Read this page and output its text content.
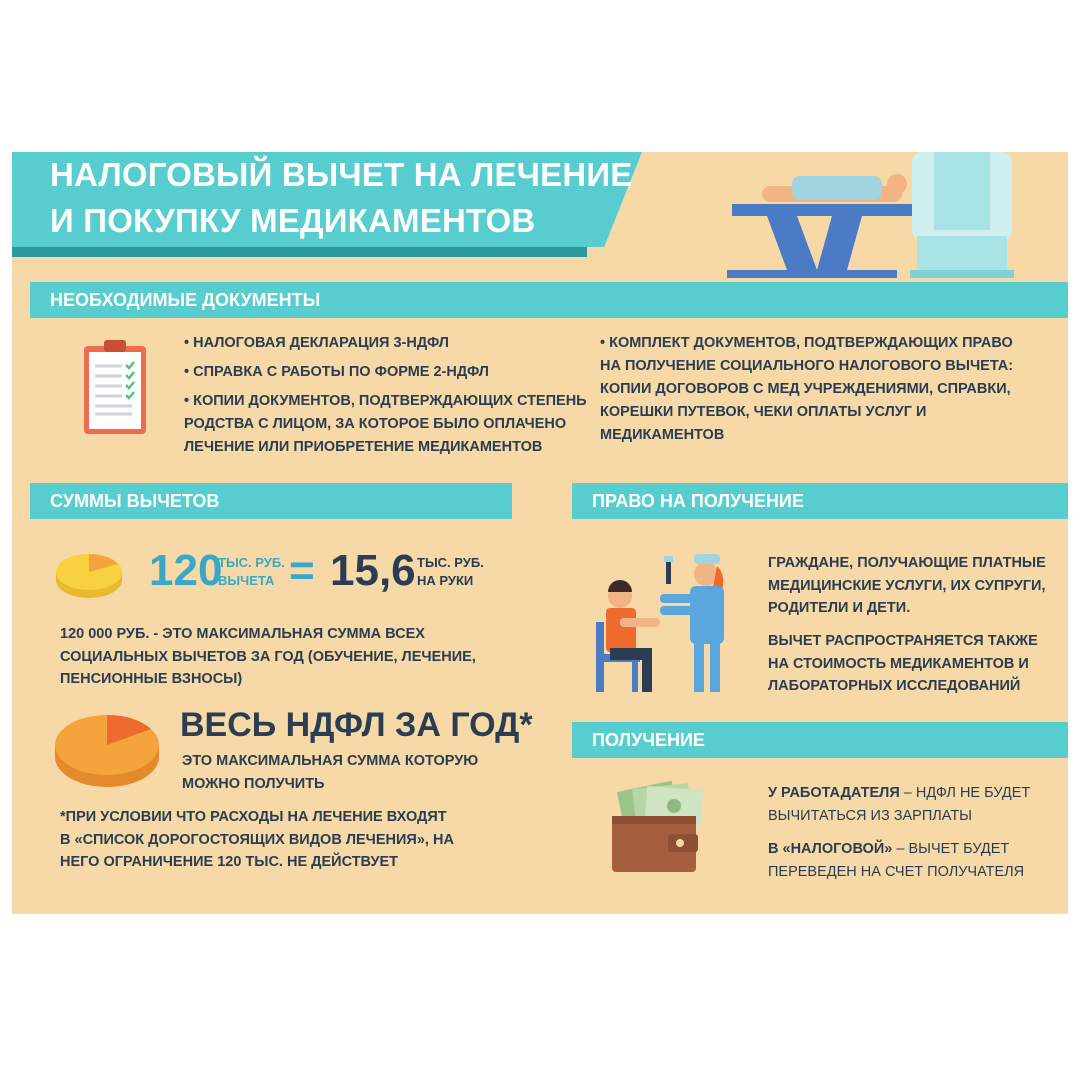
НАЛОГОВЫЙ ВЫЧЕТ НА ЛЕЧЕНИЕ
И ПОКУПКУ МЕДИКАМЕНТОВ
НЕОБХОДИМЫЕ ДОКУМЕНТЫ
• НАЛОГОВАЯ ДЕКЛАРАЦИЯ 3-НДФЛ
• СПРАВКА С РАБОТЫ ПО ФОРМЕ 2-НДФЛ
• КОПИИ ДОКУМЕНТОВ, ПОДТВЕРЖДАЮЩИХ СТЕПЕНЬ РОДСТВА С ЛИЦОМ, ЗА КОТОРОЕ БЫЛО ОПЛАЧЕНО ЛЕЧЕНИЕ ИЛИ ПРИОБРЕТЕНИЕ МЕДИКАМЕНТОВ
• КОМПЛЕКТ ДОКУМЕНТОВ, ПОДТВЕРЖДАЮЩИХ ПРАВО НА ПОЛУЧЕНИЕ СОЦИАЛЬНОГО НАЛОГОВОГО ВЫЧЕТА: КОПИИ ДОГОВОРОВ С МЕД УЧРЕЖДЕНИЯМИ, СПРАВКИ, КОРЕШКИ ПУТЕВОК, ЧЕКИ ОПЛАТЫ УСЛУГ И МЕДИКАМЕНТОВ
СУММЫ ВЫЧЕТОВ
120
ТЫС. РУБ.
ВЫЧЕТА = 15,6 ТЫС. РУБ.
НА РУКИ
120 000 РУБ. - ЭТО МАКСИМАЛЬНАЯ СУММА ВСЕХ СОЦИАЛЬНЫХ ВЫЧЕТОВ ЗА ГОД (ОБУЧЕНИЕ, ЛЕЧЕНИЕ, ПЕНСИОННЫЕ ВЗНОСЫ)
ВЕСЬ НДФЛ ЗА ГОД*
ЭТО МАКСИМАЛЬНАЯ СУММА КОТОРУЮ МОЖНО ПОЛУЧИТЬ
*ПРИ УСЛОВИИ ЧТО РАСХОДЫ НА ЛЕЧЕНИЕ ВХОДЯТ В «СПИСОК ДОРОГОСТОЯЩИХ ВИДОВ ЛЕЧЕНИЯ», НА НЕГО ОГРАНИЧЕНИЕ 120 ТЫС. НЕ ДЕЙСТВУЕТ
ПРАВО НА ПОЛУЧЕНИЕ
ГРАЖДАНЕ, ПОЛУЧАЮЩИЕ ПЛАТНЫЕ МЕДИЦИНСКИЕ УСЛУГИ, ИХ СУПРУГИ, РОДИТЕЛИ И ДЕТИ.
ВЫЧЕТ РАСПРОСТРАНЯЕТСЯ ТАКЖЕ НА СТОИМОСТЬ МЕДИКАМЕНТОВ И ЛАБОРАТОРНЫХ ИССЛЕДОВАНИЙ
ПОЛУЧЕНИЕ
У РАБОТАДАТЕЛЯ – НДФЛ НЕ БУДЕТ ВЫЧИТАТЬСЯ ИЗ ЗАРПЛАТЫ
В «НАЛОГОВОЙ» – ВЫЧЕТ БУДЕТ ПЕРЕВЕДЕН НА СЧЕТ ПОЛУЧАТЕЛЯ
